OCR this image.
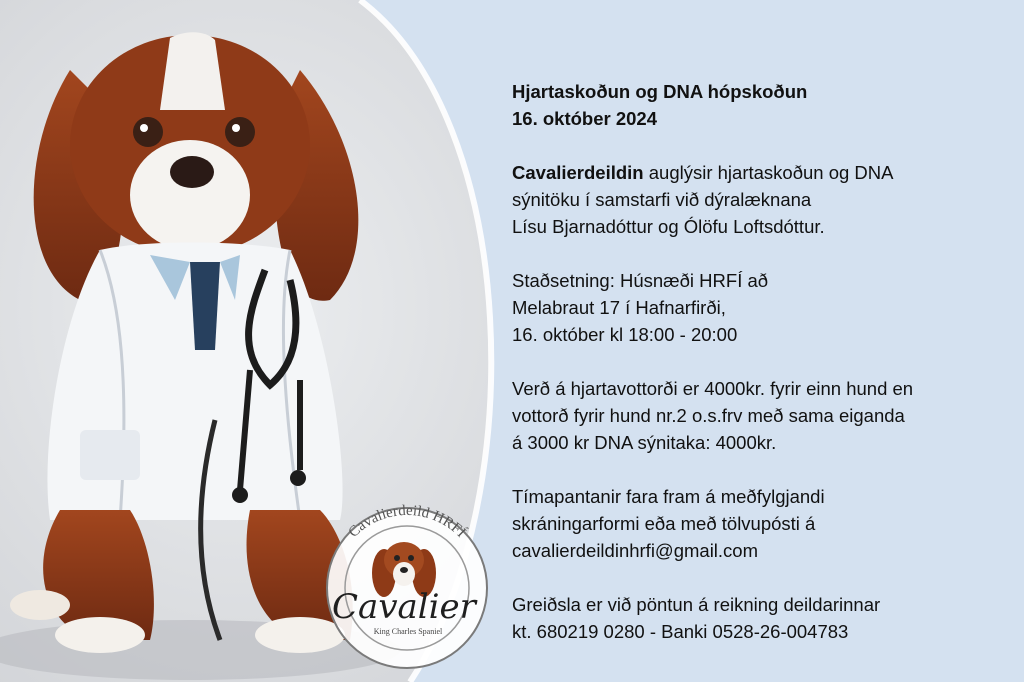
Cavalierdeild HRFÍ
Cavalier
King Charles Spaniel
Hjartaskoðun og DNA hópskoðun
16. október 2024
Cavalierdeildin auglýsir hjartaskoðun og DNA
sýnitöku í samstarfi við dýralæknana
Lísu Bjarnadóttur og Ólöfu Loftsdóttur.
Staðsetning: Húsnæði HRFÍ að
Melabraut 17 í Hafnarfirði,
16. október kl 18:00 - 20:00
Verð á hjartavottorði er 4000kr. fyrir einn hund en
vottorð fyrir hund nr.2 o.s.frv með sama eiganda
á 3000 kr DNA sýnitaka: 4000kr.
Tímapantanir fara fram á meðfylgjandi
skráningarformi eða með tölvupósti á
cavalierdeildinhrfi@gmail.com
Greiðsla er við pöntun á reikning deildarinnar
kt. 680219 0280 - Banki 0528-26-004783
